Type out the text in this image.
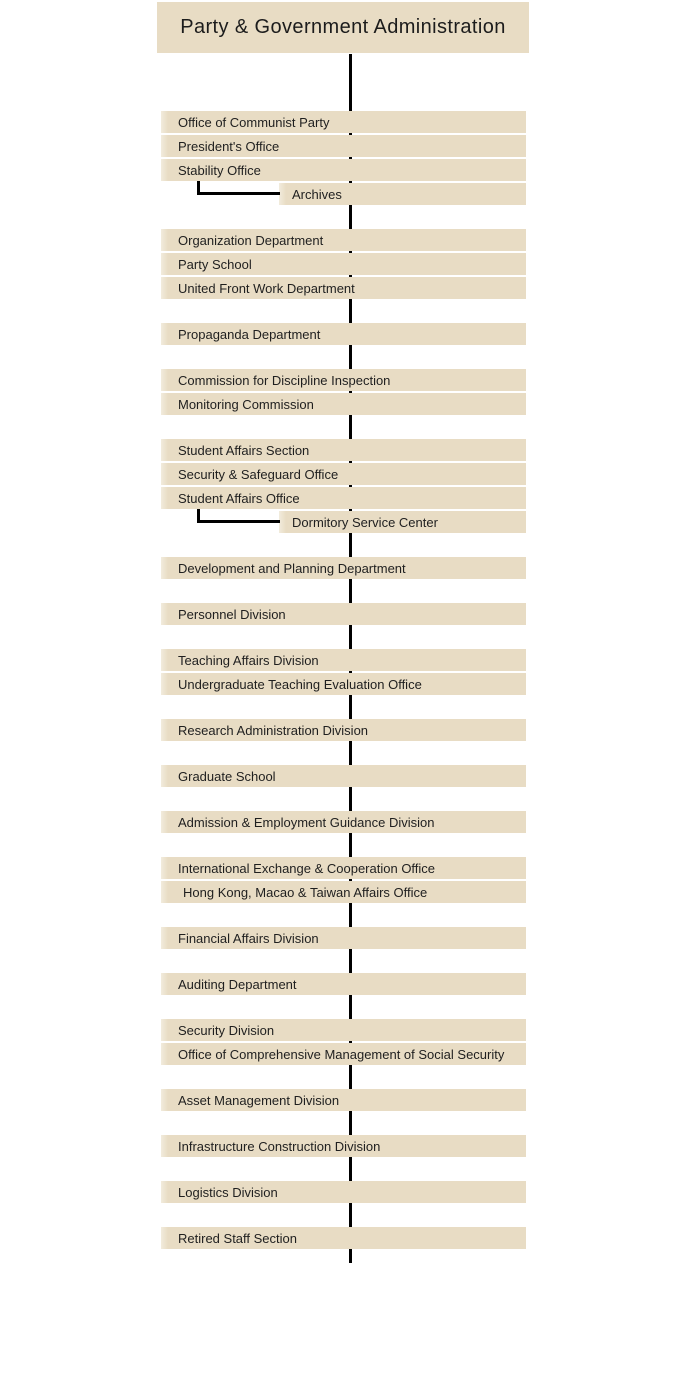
Party & Government Administration
Office of Communist Party
President's Office
Stability Office
Archives
Organization Department
Party School
United Front Work Department
Propaganda Department
Commission for Discipline Inspection
Monitoring Commission
Student Affairs Section
Security & Safeguard Office
Student Affairs Office
Dormitory Service Center
Development and Planning Department
Personnel Division
Teaching Affairs Division
Undergraduate Teaching Evaluation Office
Research Administration Division
Graduate School
Admission & Employment Guidance Division
International Exchange & Cooperation Office
Hong Kong, Macao & Taiwan Affairs Office
Financial Affairs Division
Auditing Department
Security Division
Office of Comprehensive Management of Social Security
Asset Management Division
Infrastructure Construction Division
Logistics Division
Retired Staff Section
